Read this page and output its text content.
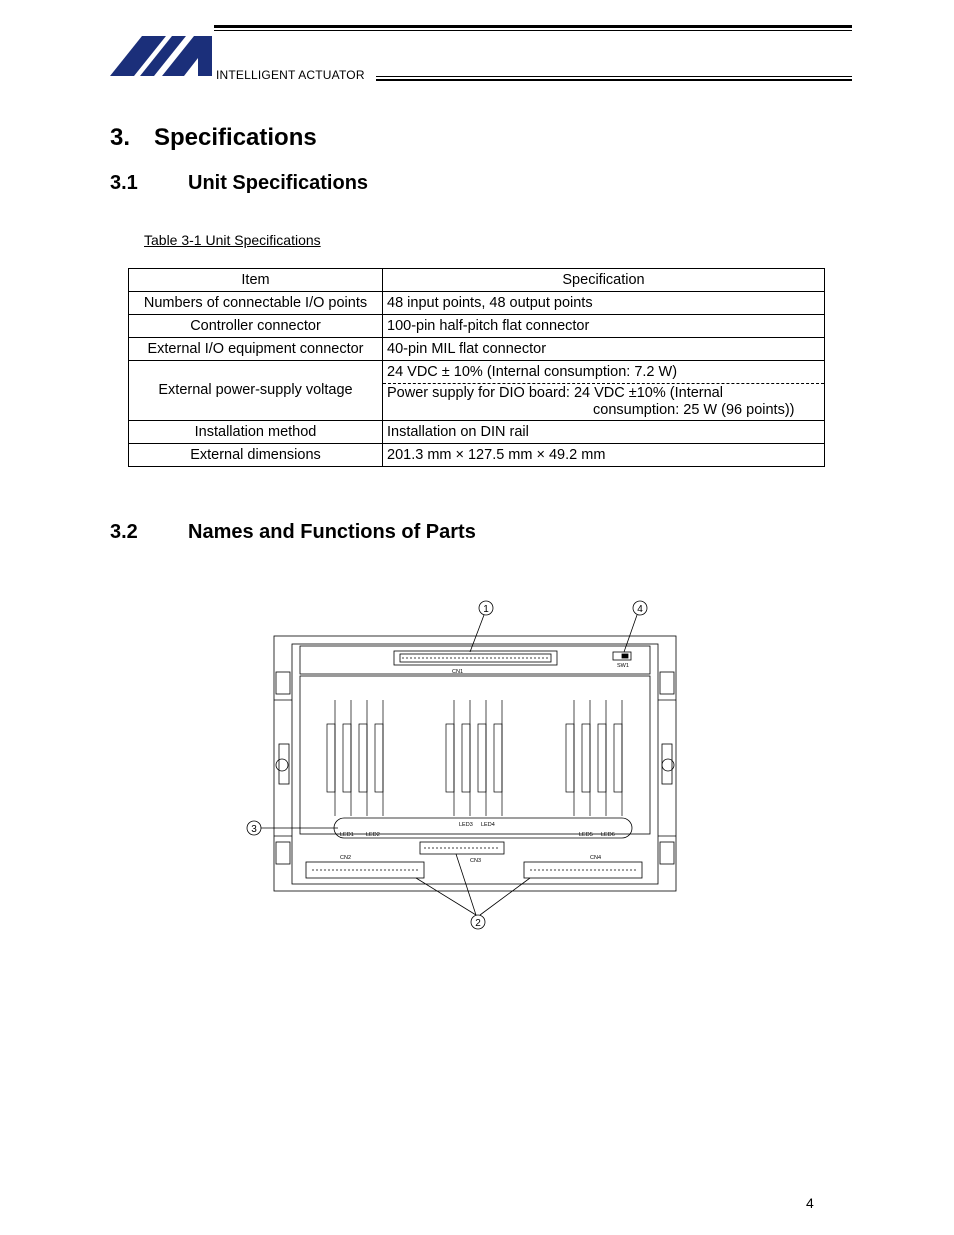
INTELLIGENT ACTUATOR
3. Specifications
3.1	Unit Specifications
Table 3-1 Unit Specifications
Item	Specification
Numbers of connectable I/O points	48 input points, 48 output points
Controller connector	100-pin half-pitch flat connector
External I/O equipment connector	40-pin MIL flat connector
External power-supply voltage	24 VDC ± 10% (Internal consumption: 7.2 W)
	Power supply for DIO board: 24 VDC ±10% (Internal
consumption: 25 W (96 points))

Installation method	Installation on DIN rail
External dimensions	201.3 mm × 127.5 mm × 49.2 mm
3.2	Names and Functions of Parts
CN1
SW1
LED1 LED2
LED3 LED4
LED5 LED6
CN3
CN2	CN4
1	4
3
2
4
